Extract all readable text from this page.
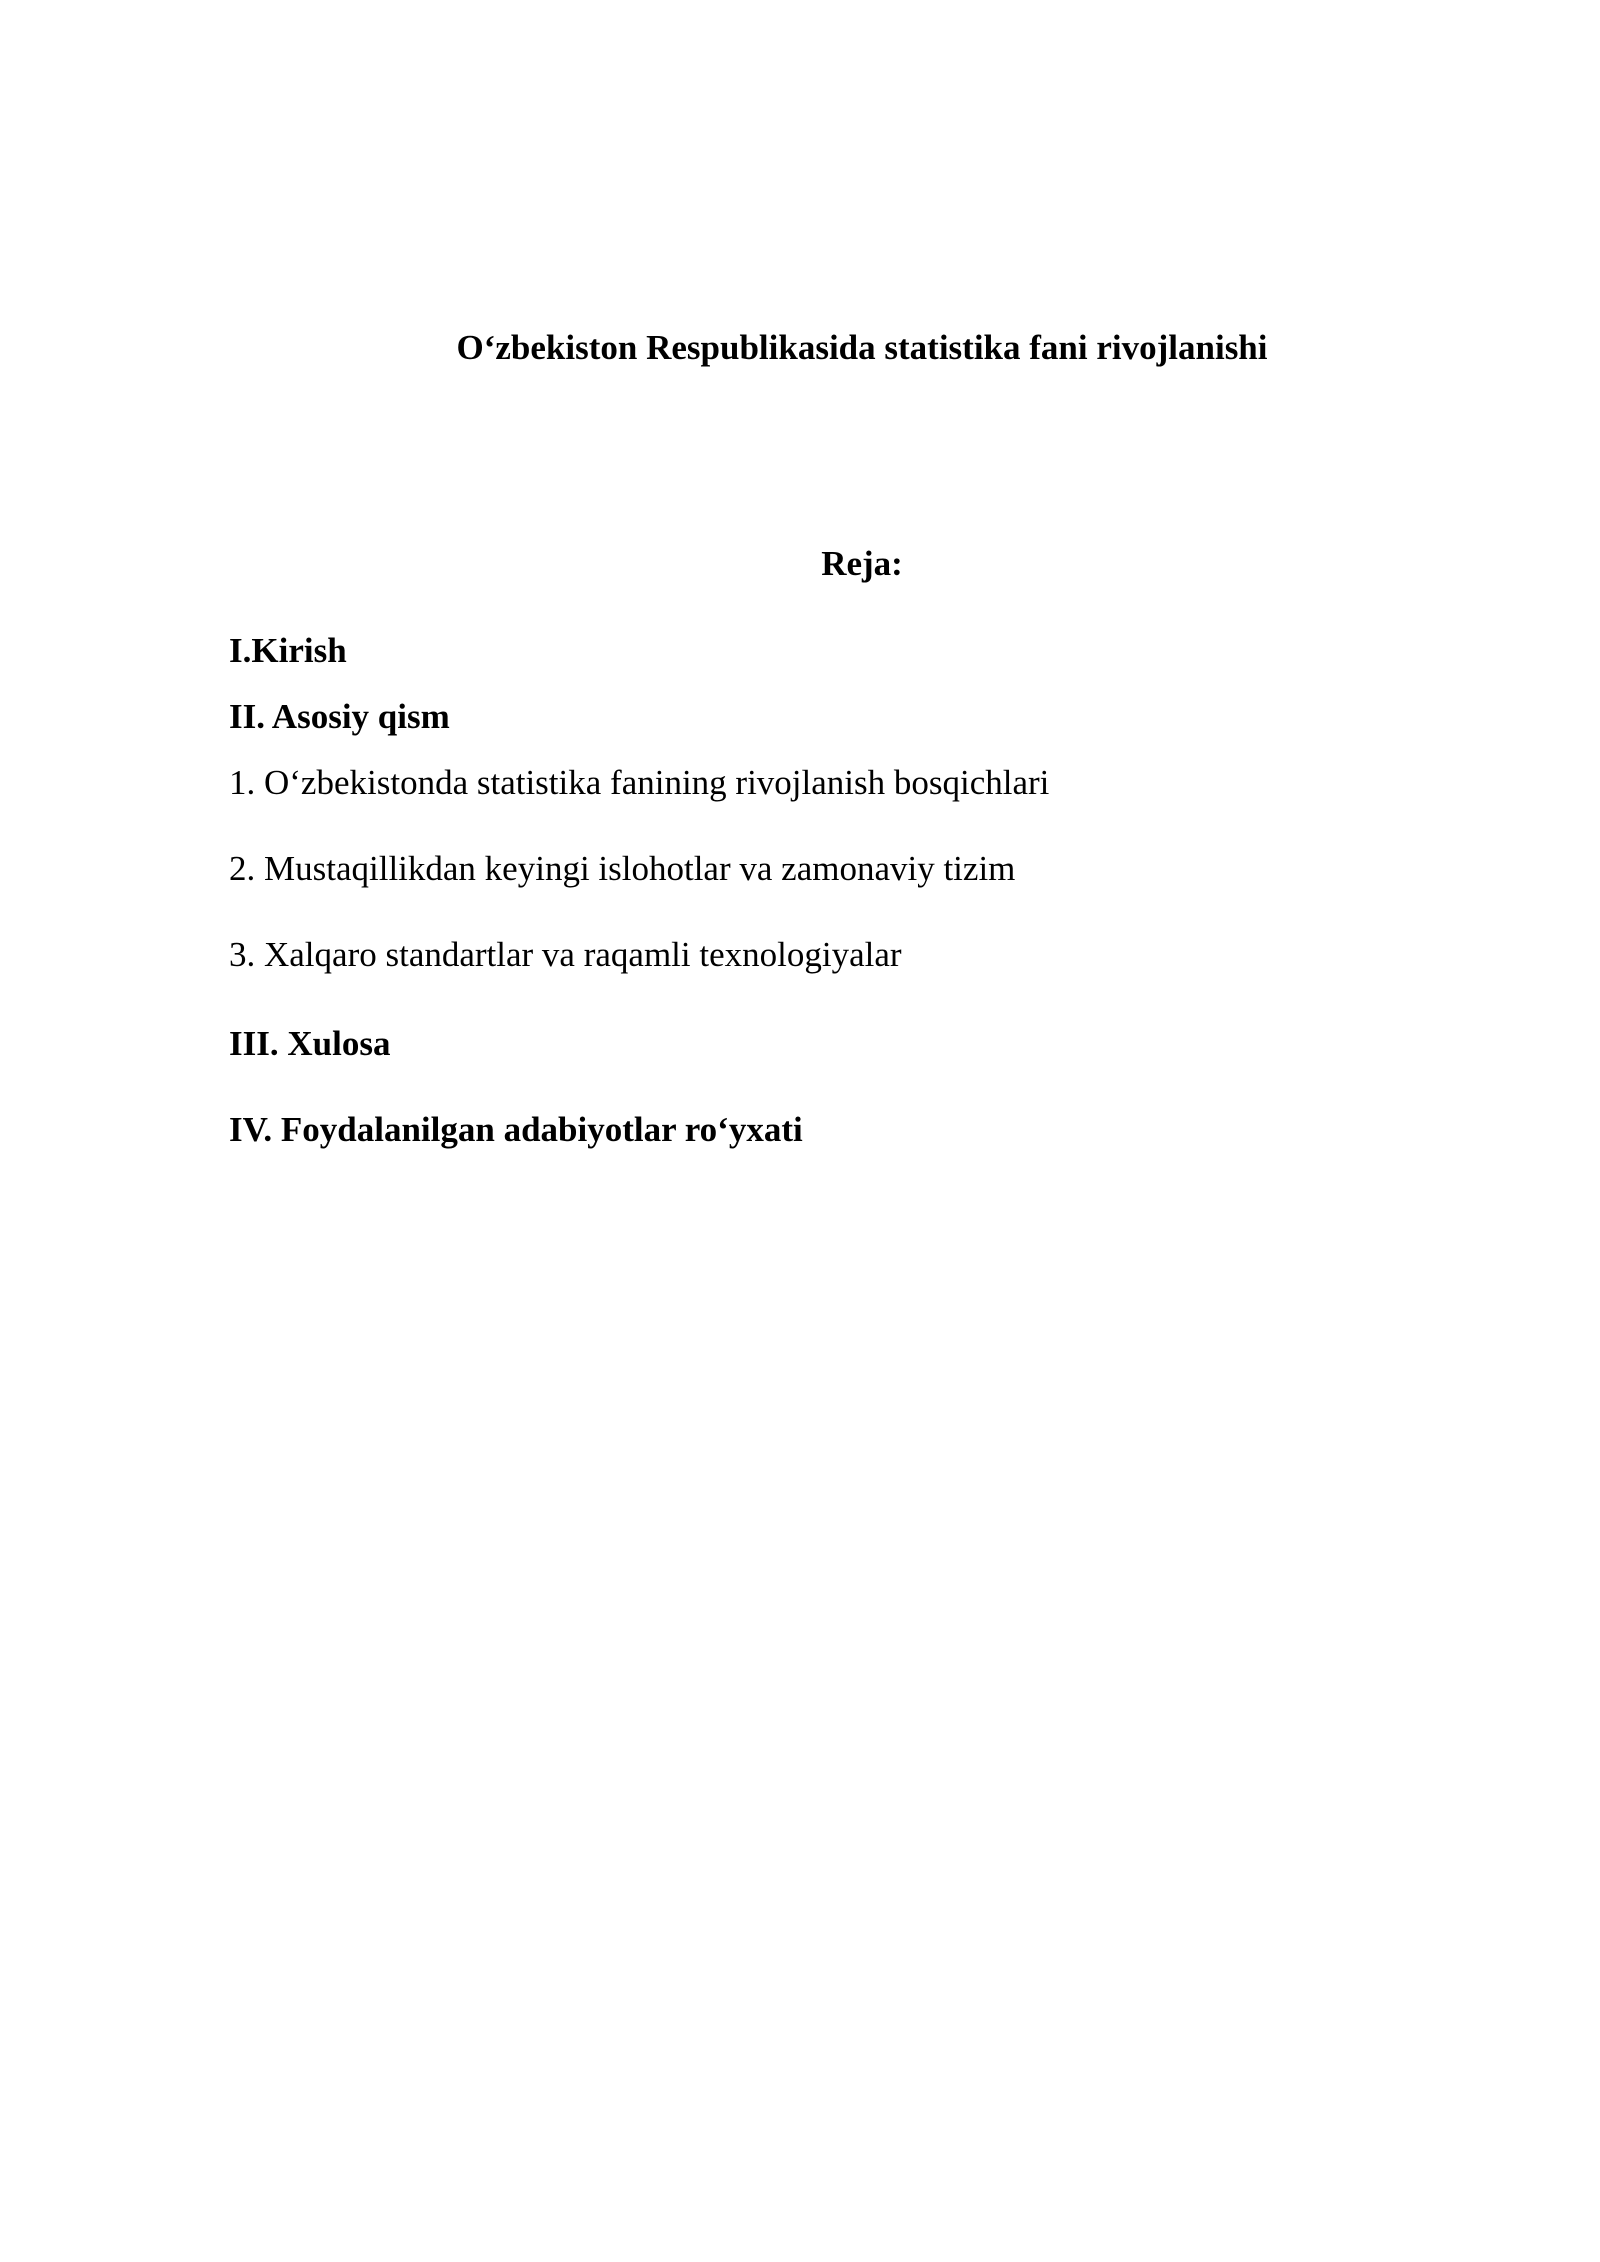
O‘zbekiston Respublikasida statistika fani rivojlanishi
Reja:
I.Kirish
II. Asosiy qism
1. O‘zbekistonda statistika fanining rivojlanish bosqichlari
2. Mustaqillikdan keyingi islohotlar va zamonaviy tizim
3. Xalqaro standartlar va raqamli texnologiyalar
III. Xulosa
IV. Foydalanilgan adabiyotlar ro‘yxati
